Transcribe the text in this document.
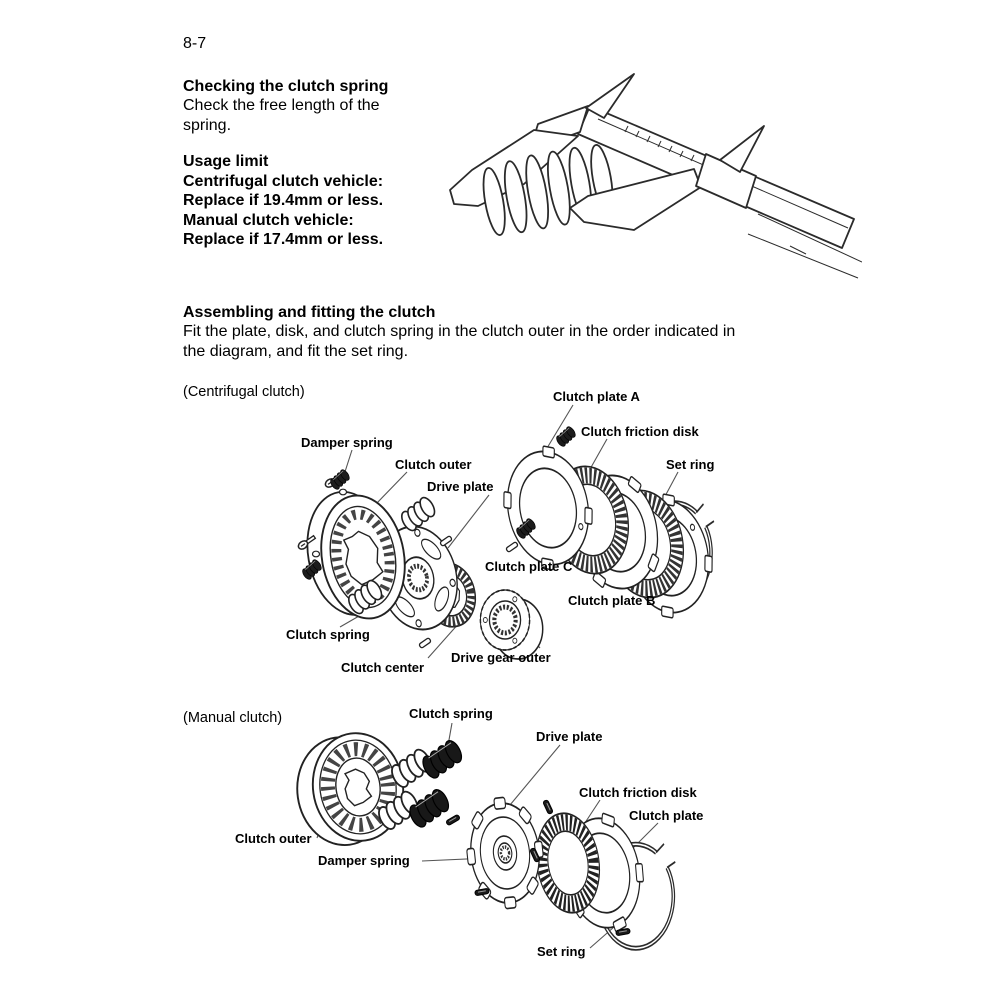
8-7
Checking the clutch spring
Check the free length of the
spring.
Usage limit
Centrifugal clutch vehicle:
Replace if 19.4mm or less.
Manual clutch vehicle:
Replace if 17.4mm or less.
Assembling and fitting the clutch
Fit the plate, disk, and clutch spring in the clutch outer in the order indicated in
the diagram, and fit the set ring.
(Centrifugal clutch)
(Manual clutch)
Clutch plate A
Clutch friction disk
Damper spring
Clutch outer	Set ring
Drive plate
Clutch plate C
Clutch plate B
Clutch spring
Clutch center
Drive gear outer
Clutch spring
Drive plate
Clutch friction disk
Clutch plate
Clutch outer
Damper spring
Set ring
